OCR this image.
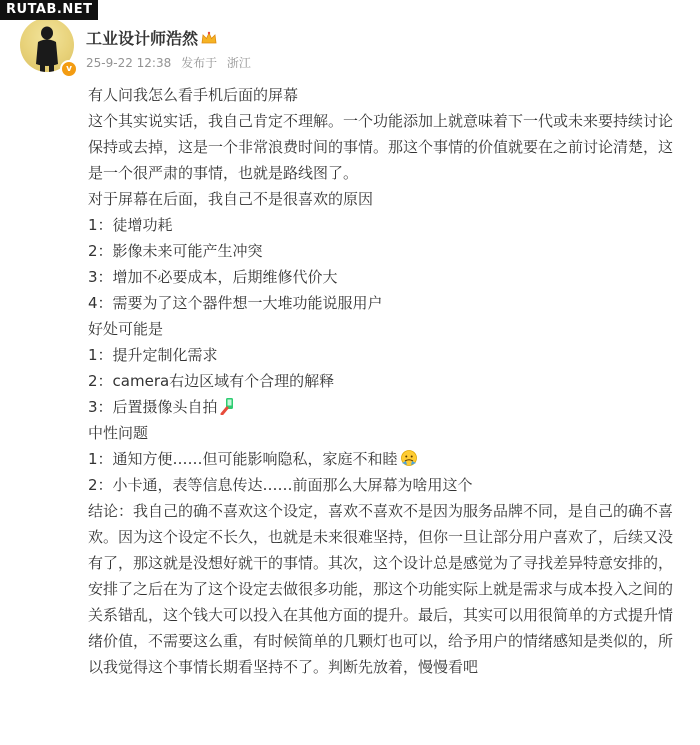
RUTAB.NET
v
工业设计师浩然
25-9-22 12:38 发布于 浙江

有人问我怎么看手机后面的屏幕

这个其实说实话，我自己肯定不理解。一个功能添加上就意味着下一代或未来要持续讨论保持或去掉，这是一个非常浪费时间的事情。那这个事情的价值就要在之前讨论清楚，这是一个很严肃的事情，也就是路线图了。

对于屏幕在后面，我自己不是很喜欢的原因

1：徒增功耗

2：影像未来可能产生冲突

3：增加不必要成本，后期维修代价大

4：需要为了这个器件想一大堆功能说服用户

好处可能是

1：提升定制化需求

2：camera右边区域有个合理的解释

3：后置摄像头自拍

中性问题

1：通知方便……但可能影响隐私，家庭不和睦

2：小卡通，表等信息传达……前面那么大屏幕为啥用这个

结论：我自己的确不喜欢这个设定，喜欢不喜欢不是因为服务品牌不同，是自己的确不喜欢。因为这个设定不长久，也就是未来很难坚持，但你一旦让部分用户喜欢了，后续又没有了，那这就是没想好就干的事情。其次，这个设计总是感觉为了寻找差异特意安排的，安排了之后在为了这个设定去做很多功能，那这个功能实际上就是需求与成本投入之间的关系错乱，这个钱大可以投入在其他方面的提升。最后，其实可以用很简单的方式提升情绪价值，不需要这么重，有时候简单的几颗灯也可以，给予用户的情绪感知是类似的，所以我觉得这个事情长期看坚持不了。判断先放着，慢慢看吧
